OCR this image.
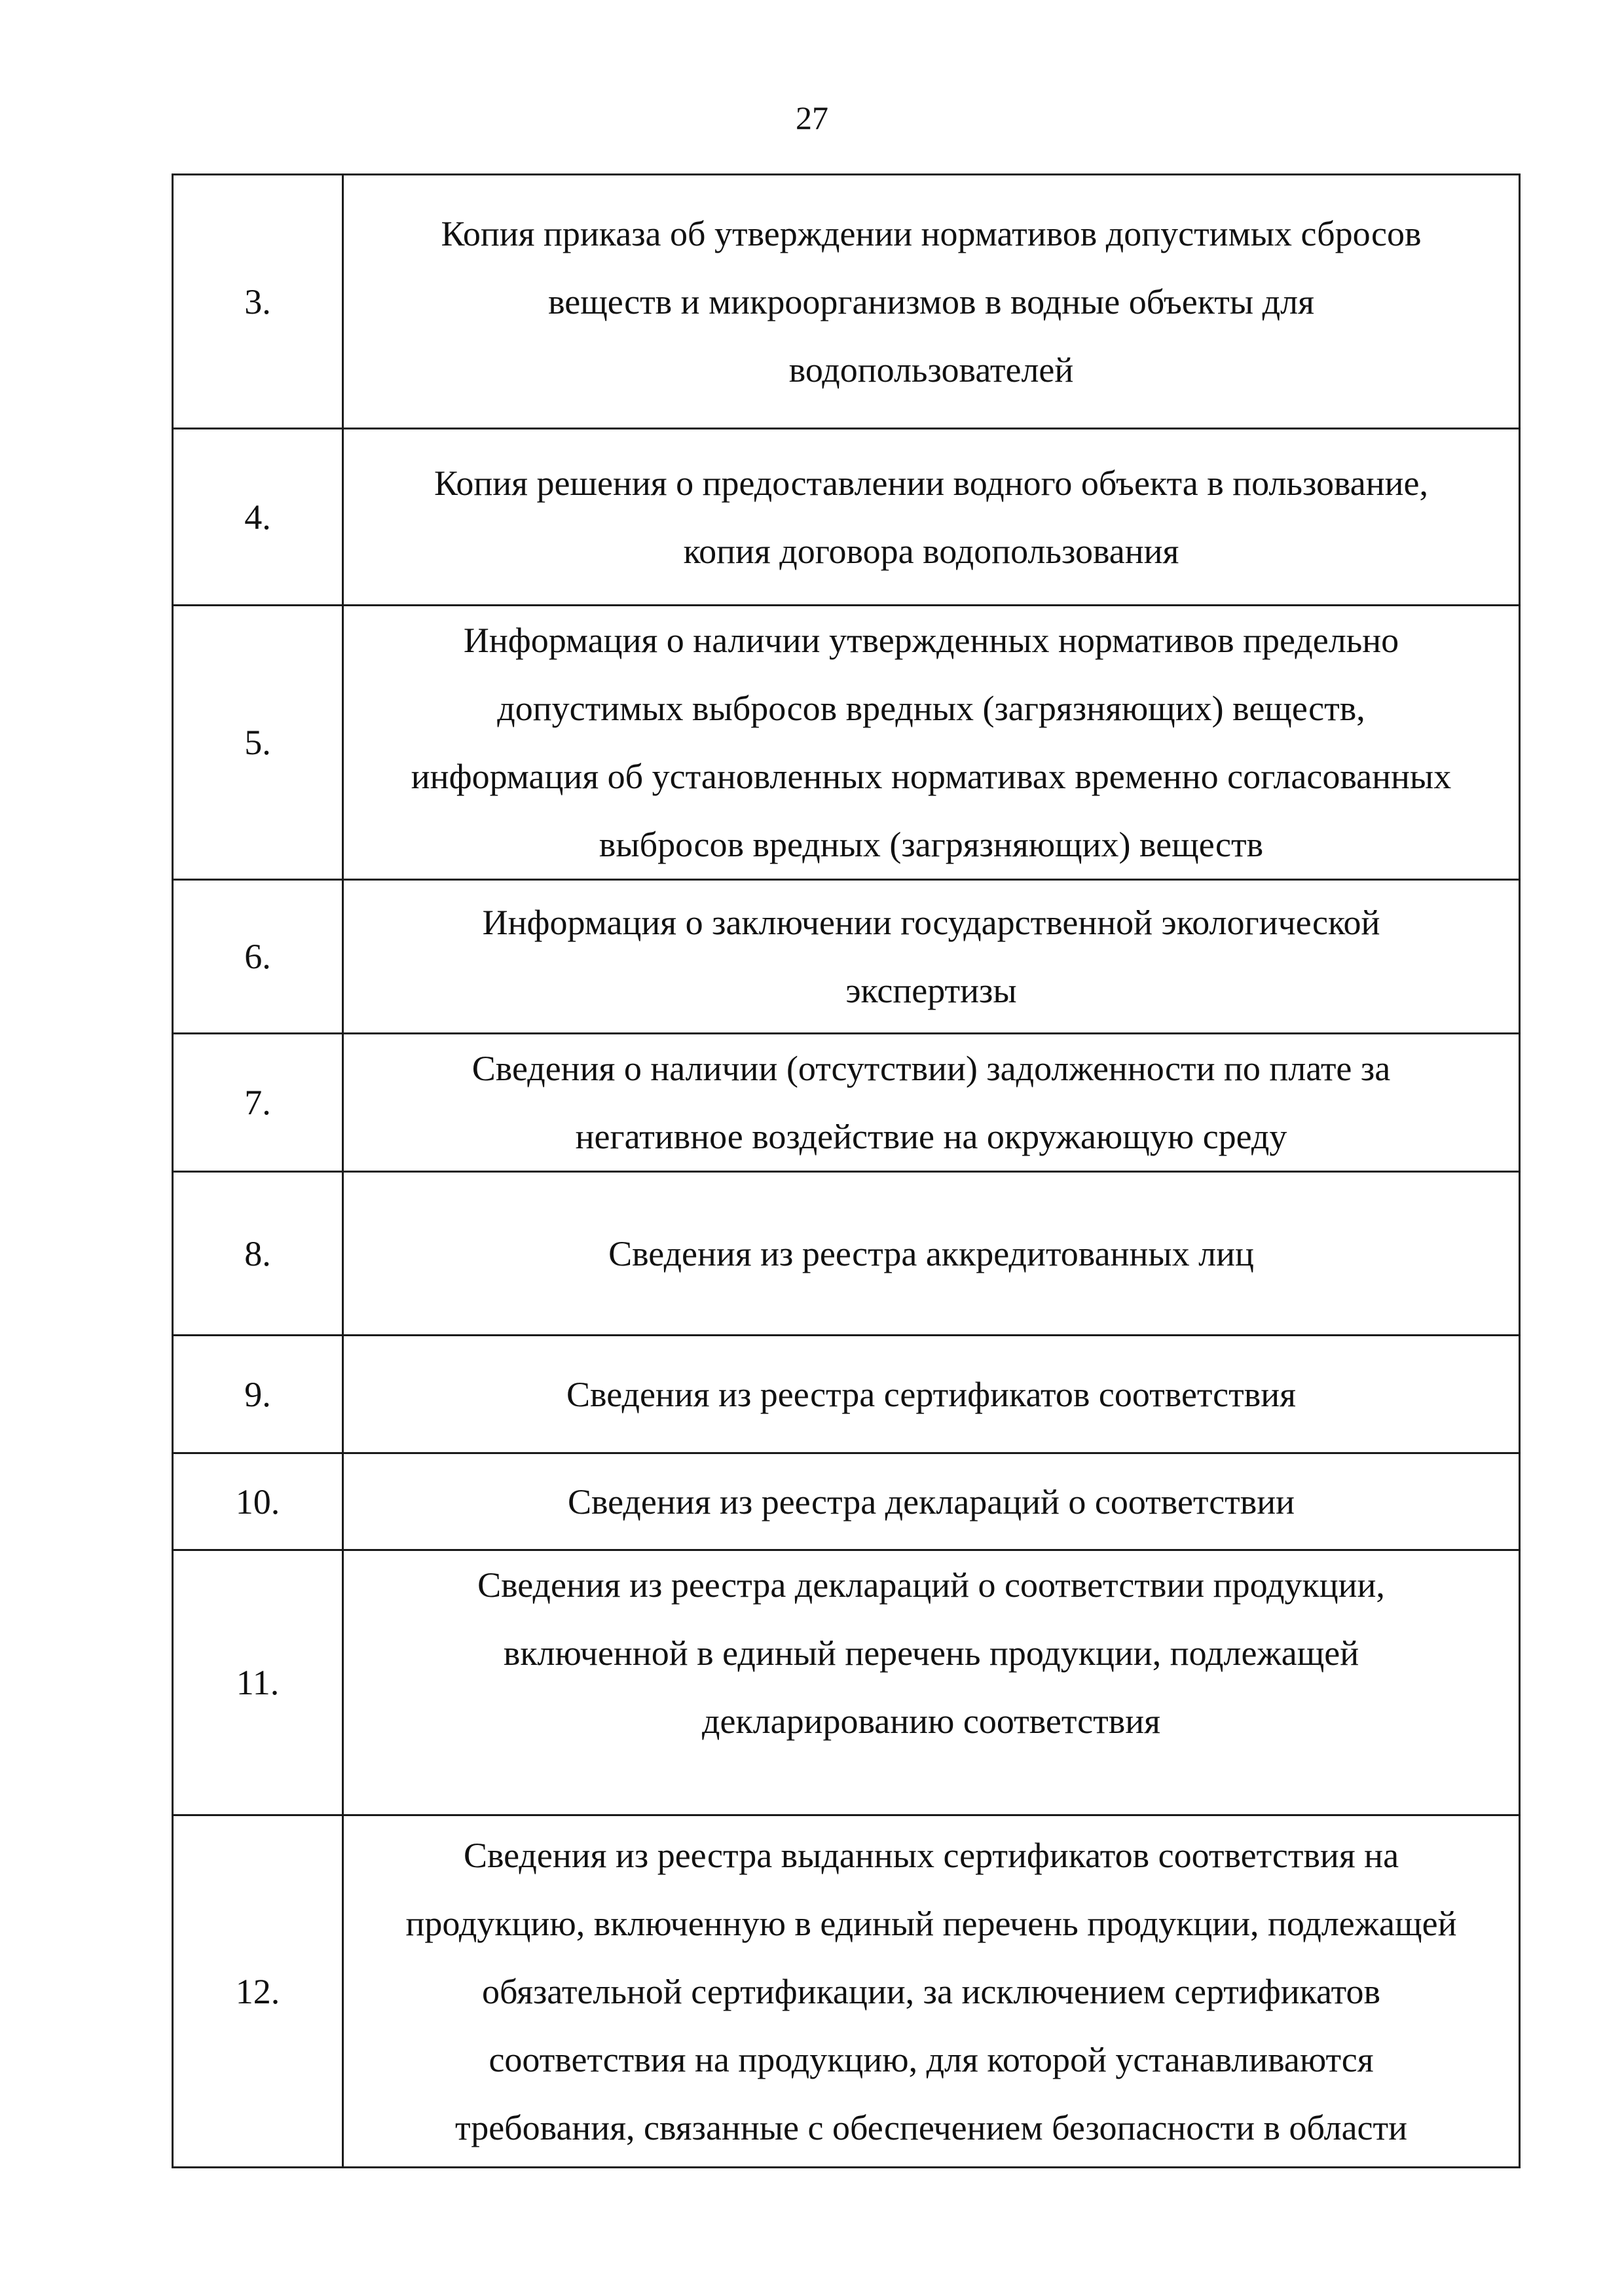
27
3.	Копия приказа об утверждении нормативов допустимых сбросов
веществ и микроорганизмов в водные объекты для
водопользователей
4.	Копия решения о предоставлении водного объекта в пользование,
копия договора водопользования
5.	Информация о наличии утвержденных нормативов предельно
допустимых выбросов вредных (загрязняющих) веществ,
информация об установленных нормативах временно согласованных
выбросов вредных (загрязняющих) веществ
6.	Информация о заключении государственной экологической
экспертизы
7.	Сведения о наличии (отсутствии) задолженности по плате за
негативное воздействие на окружающую среду
8.	Сведения из реестра аккредитованных лиц
9.	Сведения из реестра сертификатов соответствия
10.	Сведения из реестра деклараций о соответствии
11.	Сведения из реестра деклараций о соответствии продукции,
включенной в единый перечень продукции, подлежащей
декларированию соответствия
12.	Сведения из реестра выданных сертификатов соответствия на
продукцию, включенную в единый перечень продукции, подлежащей
обязательной сертификации, за исключением сертификатов
соответствия на продукцию, для которой устанавливаются
требования, связанные с обеспечением безопасности в области
